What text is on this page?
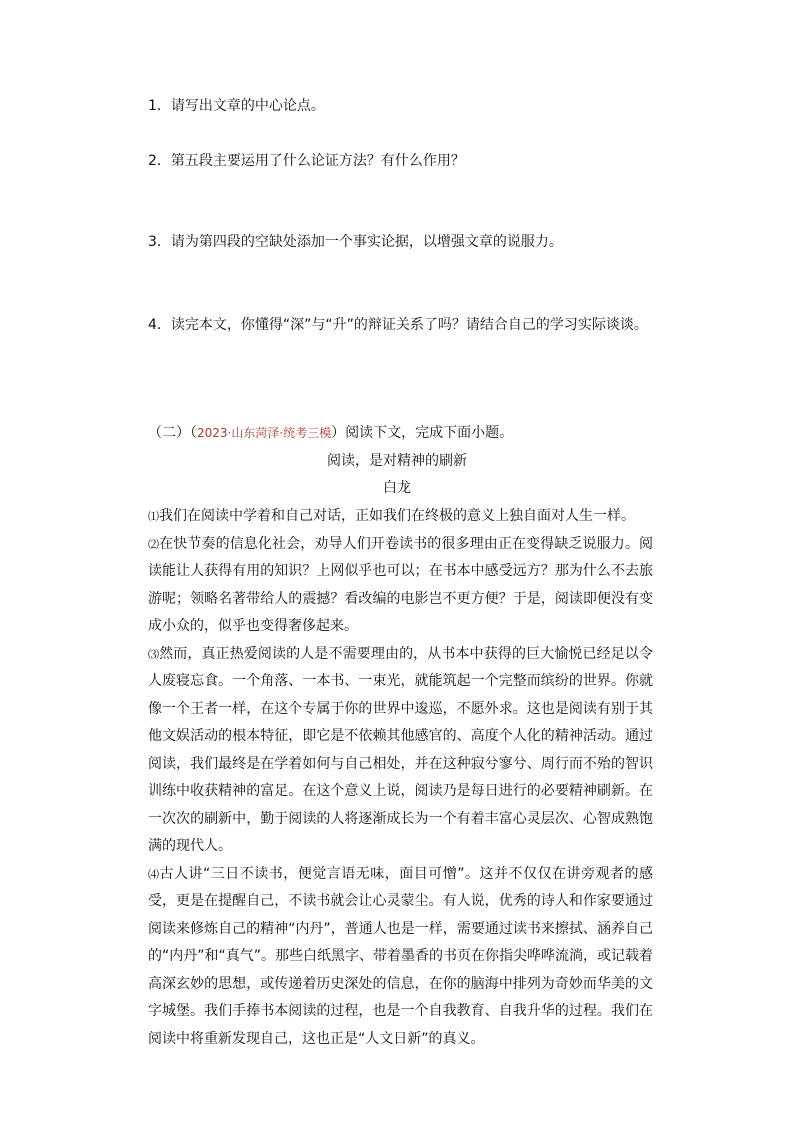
1．请写出文章的中心论点。
2．第五段主要运用了什么论证方法？有什么作用？
3．请为第四段的空缺处添加一个事实论据，以增强文章的说服力。
4．读完本文，你懂得“深”与“升”的辩证关系了吗？请结合自己的学习实际谈谈。
（二）（2023·山东菏泽·统考三模）阅读下文，完成下面小题。
阅读，是对精神的刷新
白龙

⑴我们在阅读中学着和自己对话，正如我们在终极的意义上独自面对人生一样。

⑵在快节奏的信息化社会，劝导人们开卷读书的很多理由正在变得缺乏说服力。阅读能让人获得有用的知识？上网似乎也可以；在书本中感受远方？那为什么不去旅游呢；领略名著带给人的震撼？看改编的电影岂不更方便？于是，阅读即便没有变成小众的，似乎也变得奢侈起来。

⑶然而，真正热爱阅读的人是不需要理由的，从书本中获得的巨大愉悦已经足以令人废寝忘食。一个角落、一本书、一束光，就能筑起一个完整而缤纷的世界。你就像一个王者一样，在这个专属于你的世界中逡巡，不愿外求。这也是阅读有别于其他文娱活动的根本特征，即它是不依赖其他感官的、高度个人化的精神活动。通过阅读，我们最终是在学着如何与自己相处，并在这种寂兮寥兮、周行而不殆的智识训练中收获精神的富足。在这个意义上说，阅读乃是每日进行的必要精神刷新。在一次次的刷新中，勤于阅读的人将逐渐成长为一个有着丰富心灵层次、心智成熟饱满的现代人。

⑷古人讲“三日不读书，便觉言语无味，面目可憎”。这并不仅仅在讲旁观者的感受，更是在提醒自己，不读书就会让心灵蒙尘。有人说，优秀的诗人和作家要通过阅读来修炼自己的精神“内丹”，普通人也是一样，需要通过读书来擦拭、涵养自己的“内丹”和“真气”。那些白纸黑字、带着墨香的书页在你指尖哗哗流淌，或记载着高深玄妙的思想，或传递着历史深处的信息，在你的脑海中排列为奇妙而华美的文字城堡。我们手捧书本阅读的过程，也是一个自我教育、自我升华的过程。我们在阅读中将重新发现自己，这也正是“人文日新”的真义。
